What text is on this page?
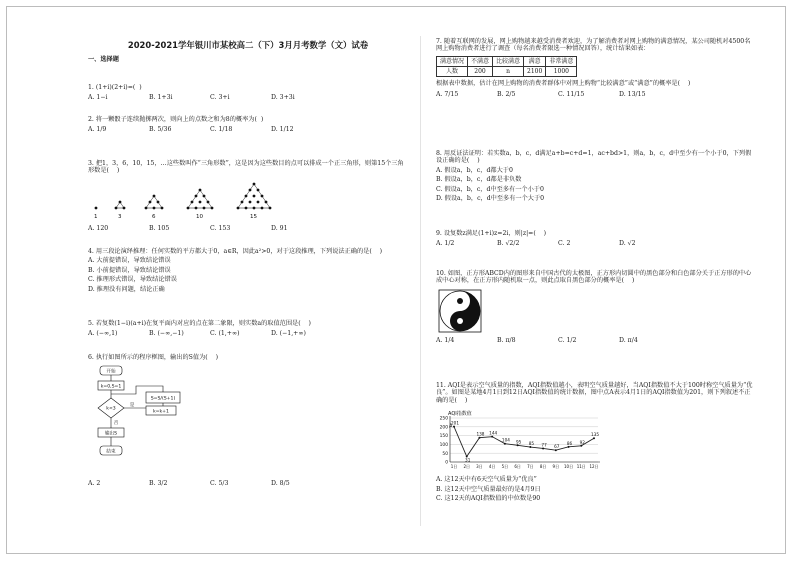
2020-2021学年银川市某校高二（下）3月月考数学（文）试卷
一、选择题
1. (1+i)(2+i)=(  )
A. 1−i	B. 1+3i	C. 3+i	D. 3+3i
2. 将一颗骰子连续抛掷两次，则向上的点数之和为8的概率为(  )
A. 1/9	B. 5/36	C. 1/18	D. 1/12
3. 把1，3，6，10，15，…这些数叫作“三角形数”，这是因为这些数目的点可以排成一个正三角形，则第15个三角形数是(    )
1	3	6	10	15
A. 120	B. 105	C. 153	D. 91
4. 用三段论演绎推理：任何实数的平方都大于0，a∈R，因此a²>0，对于这段推理，下列说法正确的是(    )
A. 大前提错误，导致结论错误
B. 小前提错误，导致结论错误
C. 推理形式错误，导致结论错误
D. 推理没有问题，结论正确
5. 若复数(1−i)(a+i)在复平面内对应的点在第二象限，则实数a的取值范围是(    )
A. (−∞,1)	B. (−∞,−1)	C. (1,+∞)	D. (−1,+∞)
6. 执行如图所示的程序框图，输出的S值为(    )
开始
k=0,S=1
k<3
S=S/(S+1)
k=k+1
输出S
结束
是
否
A. 2	B. 3/2	C. 5/3	D. 8/5
7. 随着互联网的发展，网上购物越来越受消费者欢迎，为了解消费者对网上购物的满意情况，某公司随机对4500名网上购物消费者进行了调查（每名消费者限选一种情况回答），统计结果如表：
满意情况	不满意	比较满意	满意	非常满意
人数	200	n	2100	1000
根据表中数据，估计在网上购物的消费者群体中对网上购物“比较满意”或“满意”的概率是(    )
A. 7/15	B. 2/5	C. 11/15	D. 13/15
8. 用反证法证明：若实数a，b，c，d满足a+b=c+d=1，ac+bd>1，则a，b，c，d中至少有一个小于0，下列假设正确的是(    )
A. 假设a，b，c，d都大于0
B. 假设a，b，c，d都是非负数
C. 假设a，b，c，d中至多有一个小于0
D. 假设a，b，c，d中至多有一个大于0
9. 设复数z满足(1+i)z=2i，则|z|=(    )
A. 1/2	B. √2/2	C. 2	D. √2
10. 如图，正方形ABCD内的图形来自中国古代的太极图，正方形内切圆中的黑色部分和白色部分关于正方形的中心成中心对称，在正方形内随机取一点，则此点取自黑色部分的概率是(    )
A. 1/4	B. π/8	C. 1/2	D. π/4
11. AQI是表示空气质量的指数，AQI指数值越小，表明空气质量越好，当AQI指数值不大于100时称空气质量为“优良”。如图是某地4月1日到12日AQI指数值的统计数据，图中点A表示4月1日的AQI指数值为201，则下列叙述不正确的是(    )
AQI指数值
A
0
50
100
150
200
250
1日 2日 3日 4日 5日 6日 7日 8日 9日 10日 11日 12日
201
31
138 144
104 95 85 77 67
86 92
135
A. 这12天中有6天空气质量为“优良”
B. 这12天中空气质量最好的是4月9日
C. 这12天的AQI指数值的中位数是90
